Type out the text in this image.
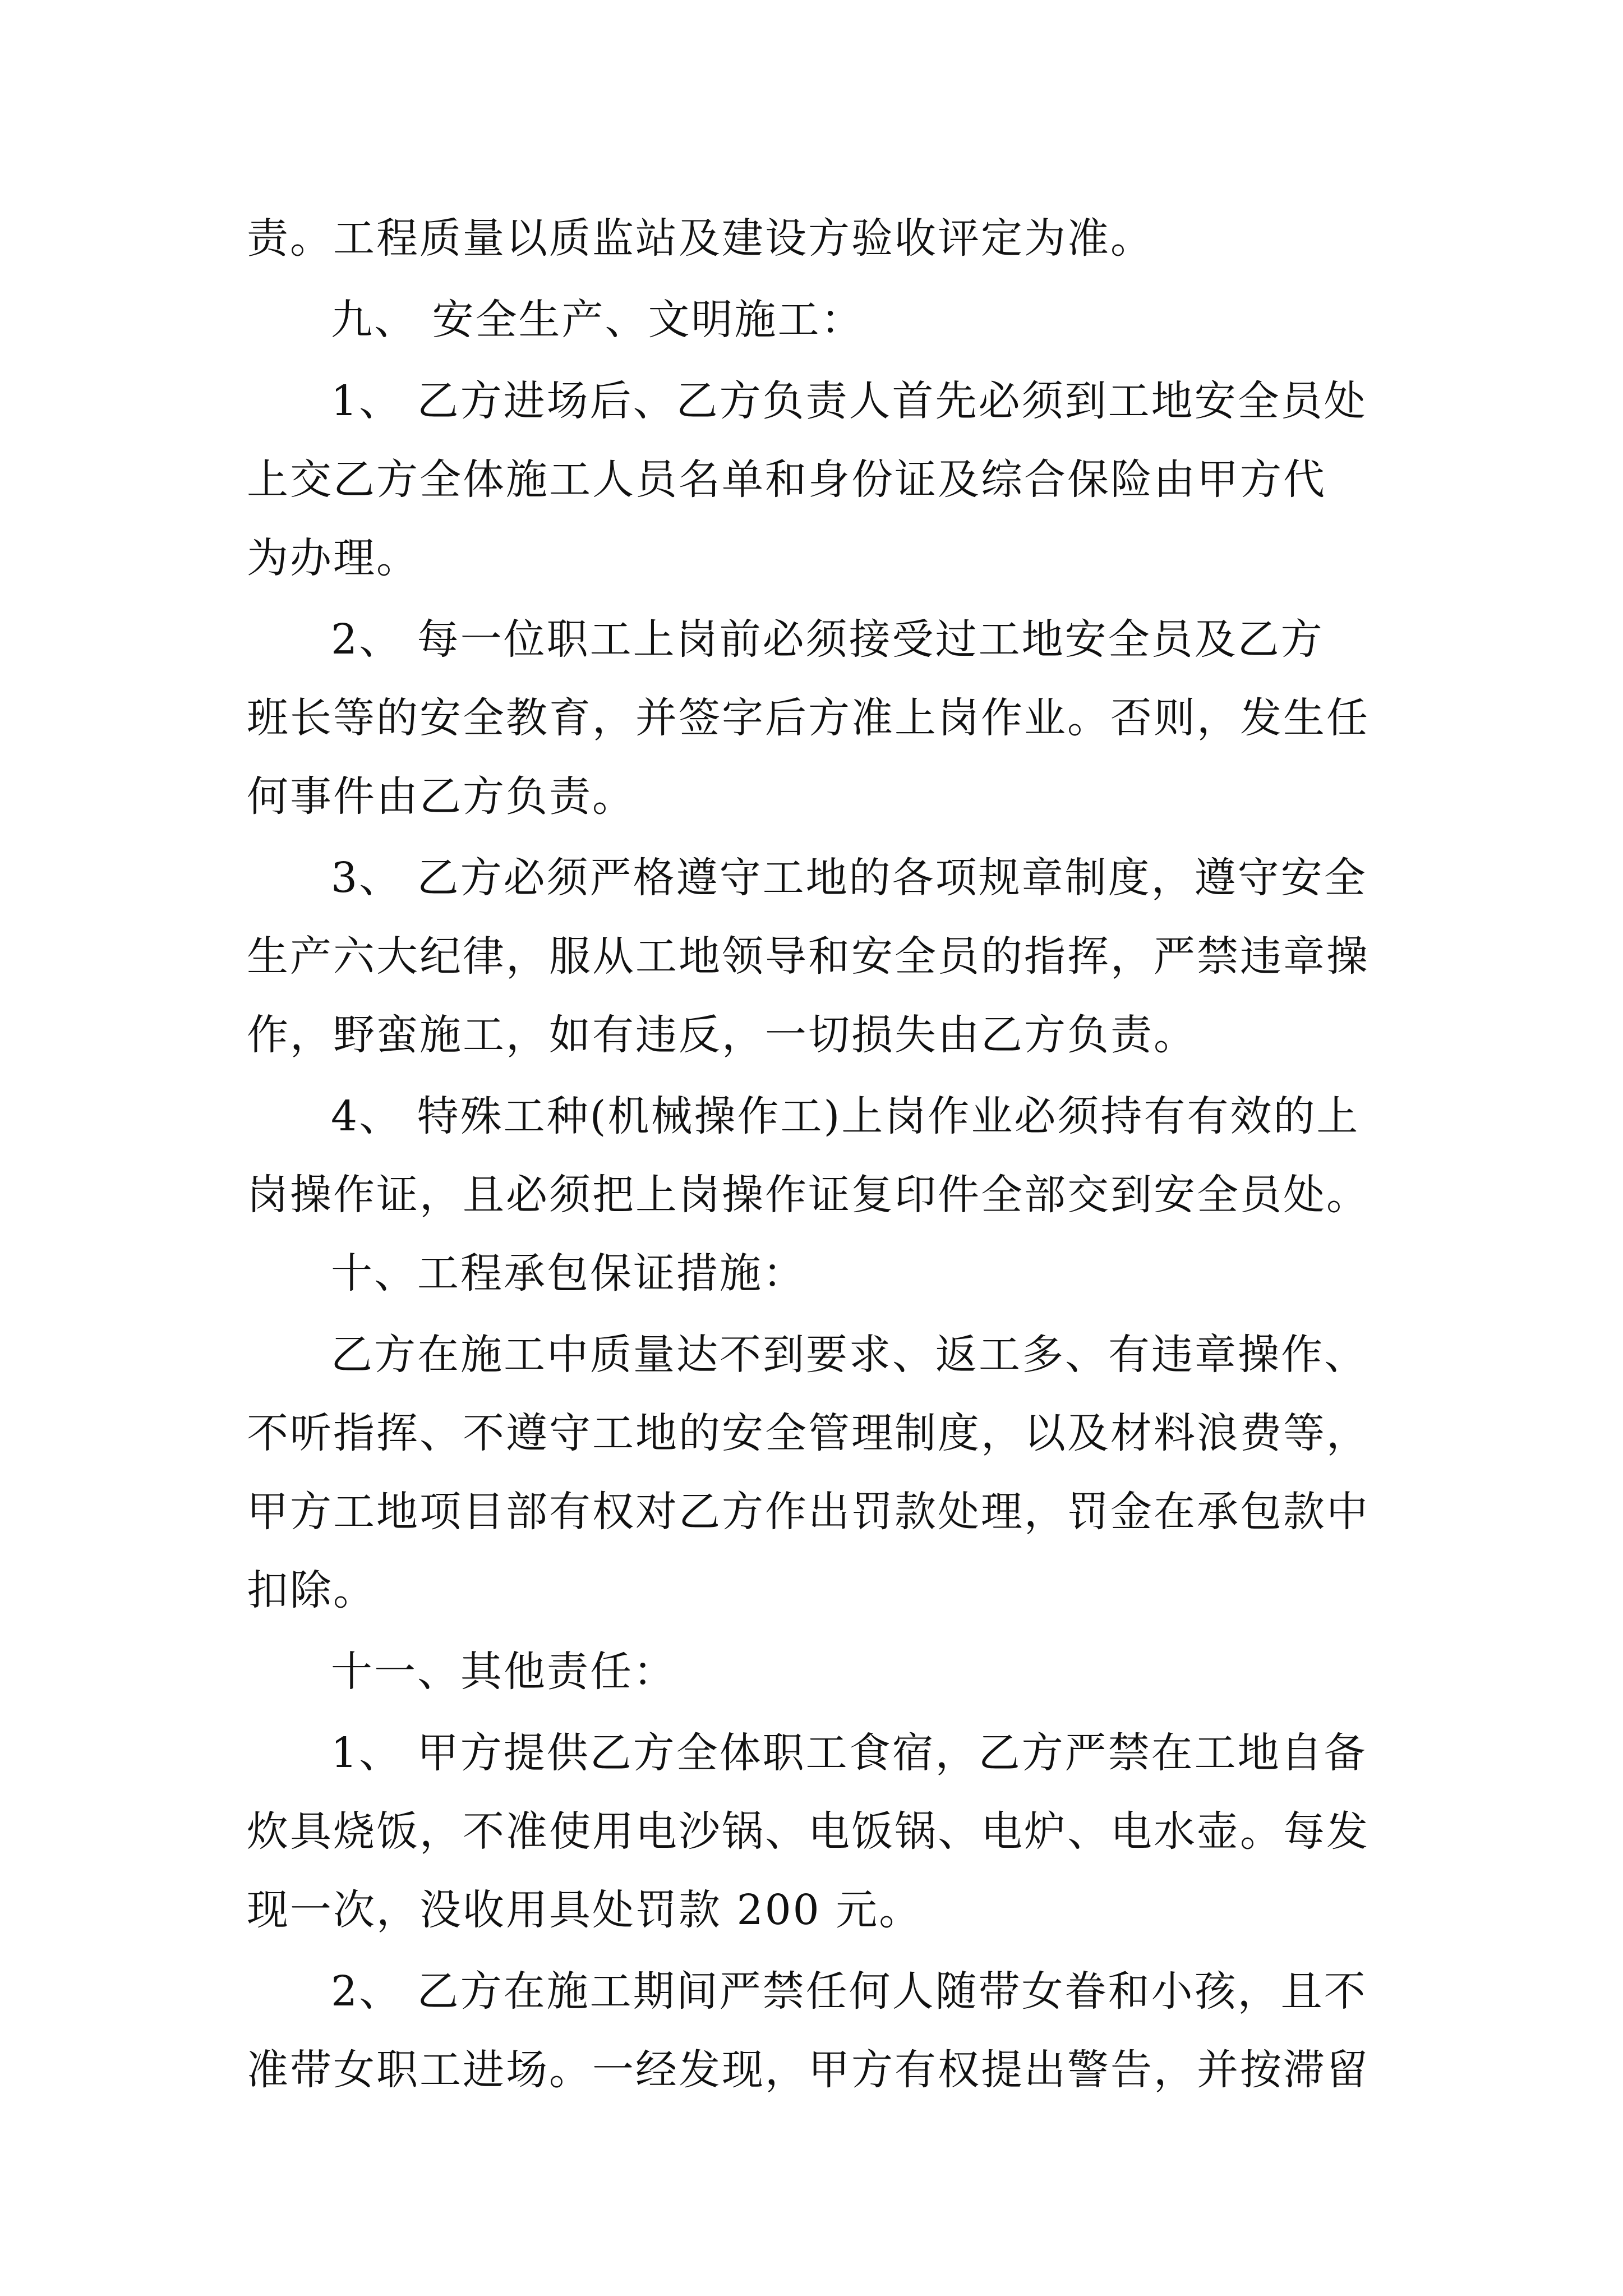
责。工程质量以质监站及建设方验收评定为准。

九、 安全生产、文明施工：

1、 乙方进场后、乙方负责人首先必须到工地安全员处

上交乙方全体施工人员名单和身份证及综合保险由甲方代

为办理。

2、 每一位职工上岗前必须接受过工地安全员及乙方

班长等的安全教育，并签字后方准上岗作业。否则，发生任

何事件由乙方负责。

3、 乙方必须严格遵守工地的各项规章制度，遵守安全

生产六大纪律，服从工地领导和安全员的指挥，严禁违章操

作，野蛮施工，如有违反，一切损失由乙方负责。

4、 特殊工种(机械操作工)上岗作业必须持有有效的上

岗操作证，且必须把上岗操作证复印件全部交到安全员处。

十、工程承包保证措施：

乙方在施工中质量达不到要求、返工多、有违章操作、

不听指挥、不遵守工地的安全管理制度，以及材料浪费等，

甲方工地项目部有权对乙方作出罚款处理，罚金在承包款中

扣除。

十一、其他责任：

1、 甲方提供乙方全体职工食宿，乙方严禁在工地自备

炊具烧饭，不准使用电沙锅、电饭锅、电炉、电水壶。每发

现一次，没收用具处罚款 200 元。

2、 乙方在施工期间严禁任何人随带女眷和小孩，且不

准带女职工进场。一经发现，甲方有权提出警告，并按滞留
